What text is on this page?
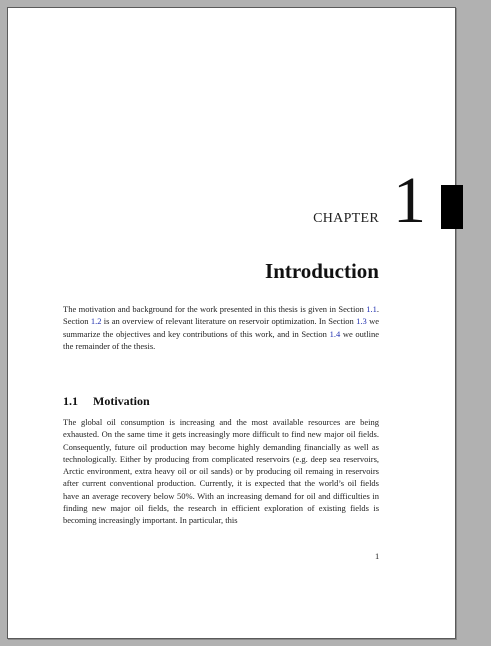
CHAPTER 1
Introduction

The motivation and background for the work presented in this thesis is given in Section 1.1. Section 1.2 is an overview of relevant literature on reservoir optimization. In Section 1.3 we summarize the objectives and key contributions of this work, and in Section 1.4 we outline the remainder of the thesis.

1.1 Motivation

The global oil consumption is increasing and the most available resources are being exhausted. On the same time it gets increasingly more difficult to find new major oil fields. Consequently, future oil production may become highly demanding financially as well as technologically. Either by producing from complicated reservoirs (e.g. deep sea reservoirs, Arctic environment, extra heavy oil or oil sands) or by producing oil remaing in reservoirs after current conventional production. Currently, it is expected that the world’s oil fields have an average recovery below 50%. With an increasing demand for oil and difficulties in finding new major oil fields, the research in efficient exploration of existing fields is becoming increasingly important. In particular, this

1
